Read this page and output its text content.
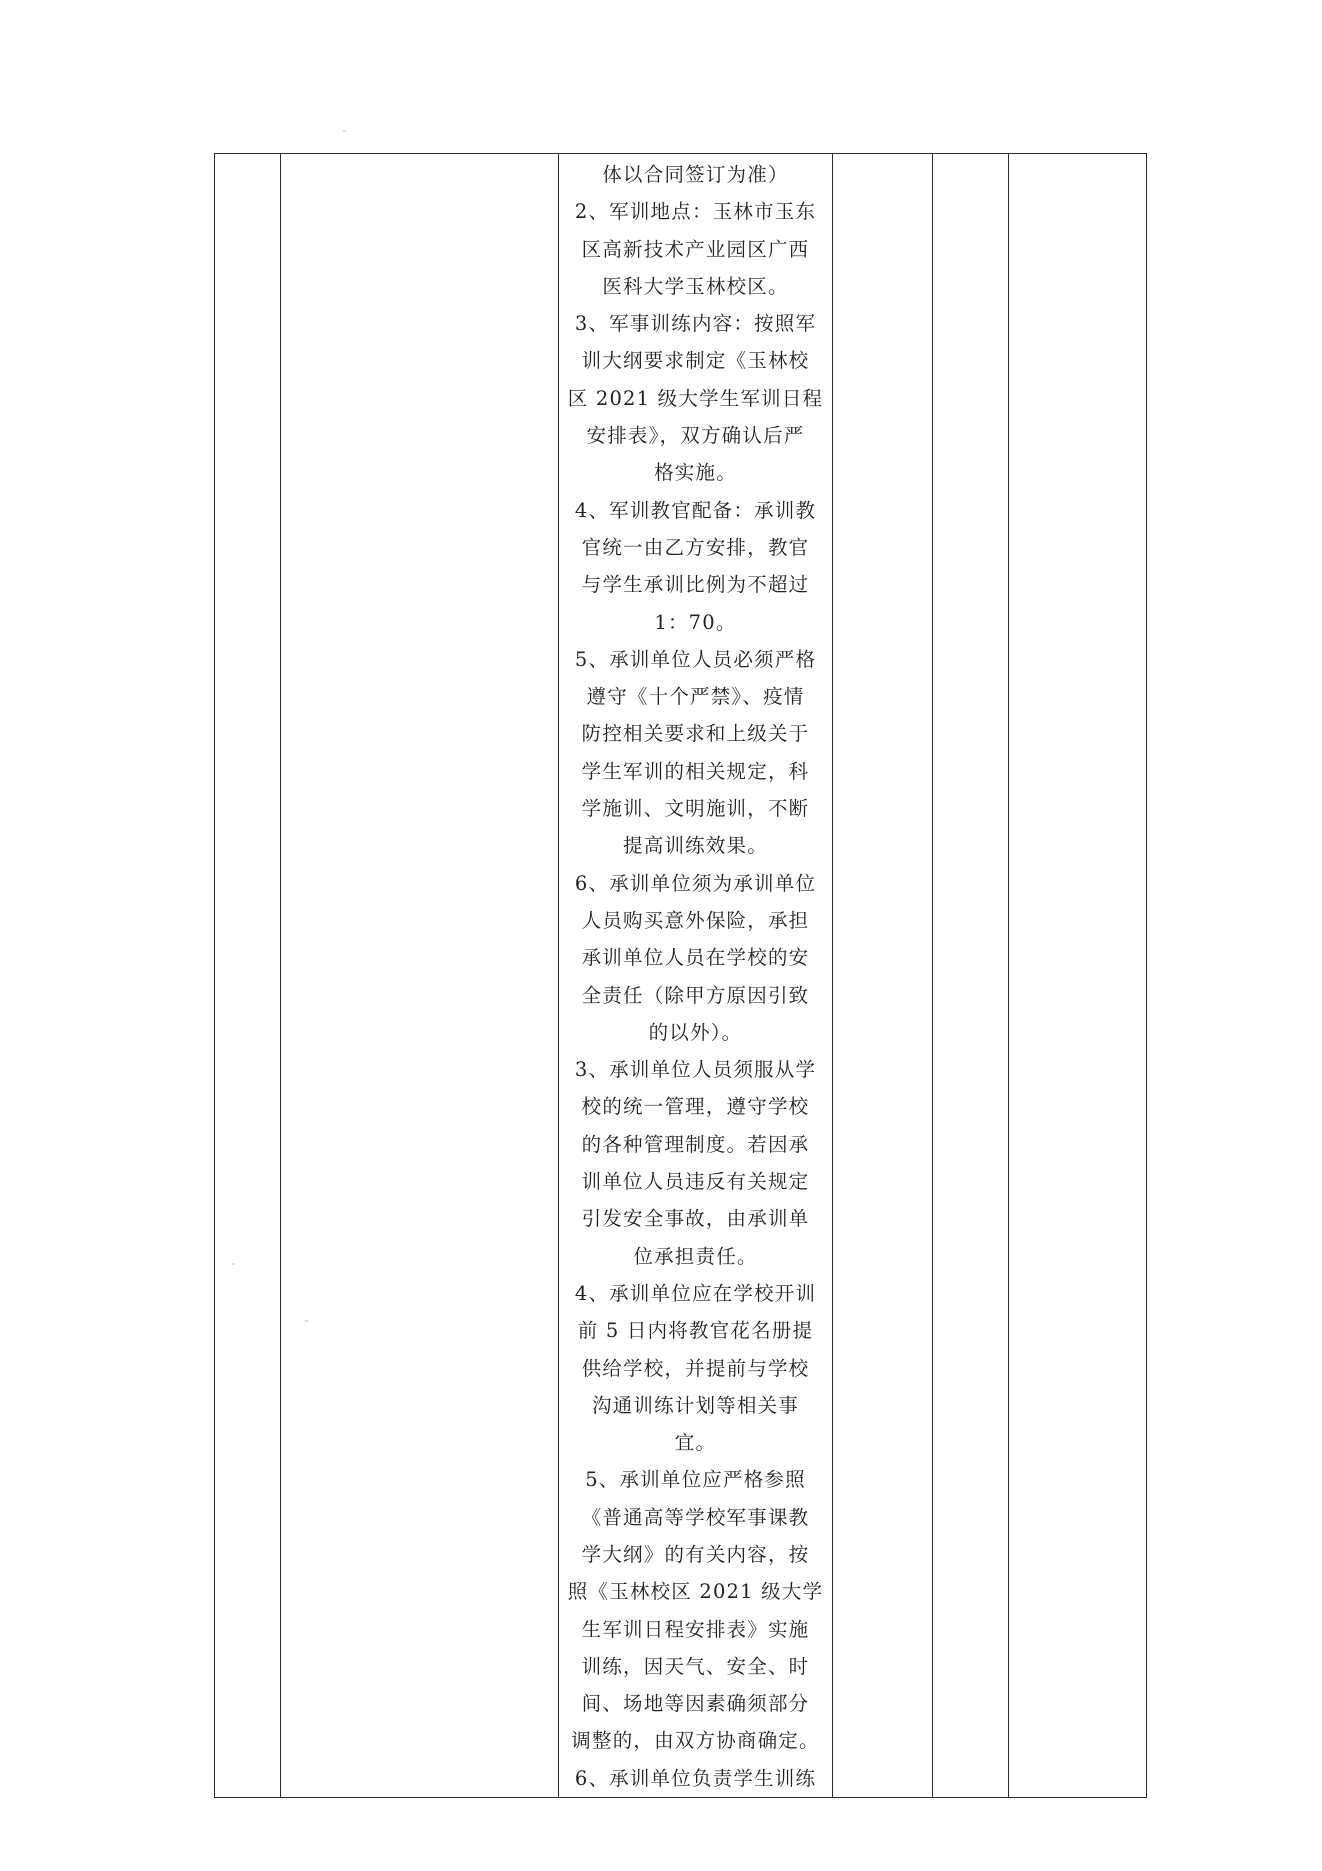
体以合同签订为准）
2、军训地点：玉林市玉东
区高新技术产业园区广西
医科大学玉林校区。
3、军事训练内容：按照军
训大纲要求制定《玉林校
区 2021 级大学生军训日程
安排表》，双方确认后严
格实施。
4、军训教官配备：承训教
官统一由乙方安排，教官
与学生承训比例为不超过
1：70。
5、承训单位人员必须严格
遵守《十个严禁》、疫情
防控相关要求和上级关于
学生军训的相关规定，科
学施训、文明施训，不断
提高训练效果。
6、承训单位须为承训单位
人员购买意外保险，承担
承训单位人员在学校的安
全责任（除甲方原因引致
的以外）。
3、承训单位人员须服从学
校的统一管理，遵守学校
的各种管理制度。若因承
训单位人员违反有关规定
引发安全事故，由承训单
位承担责任。
4、承训单位应在学校开训
前 5 日内将教官花名册提
供给学校，并提前与学校
沟通训练计划等相关事
宜。
5、承训单位应严格参照
《普通高等学校军事课教
学大纲》的有关内容，按
照《玉林校区 2021 级大学
生军训日程安排表》实施
训练，因天气、安全、时
间、场地等因素确须部分
调整的，由双方协商确定。
6、承训单位负责学生训练
